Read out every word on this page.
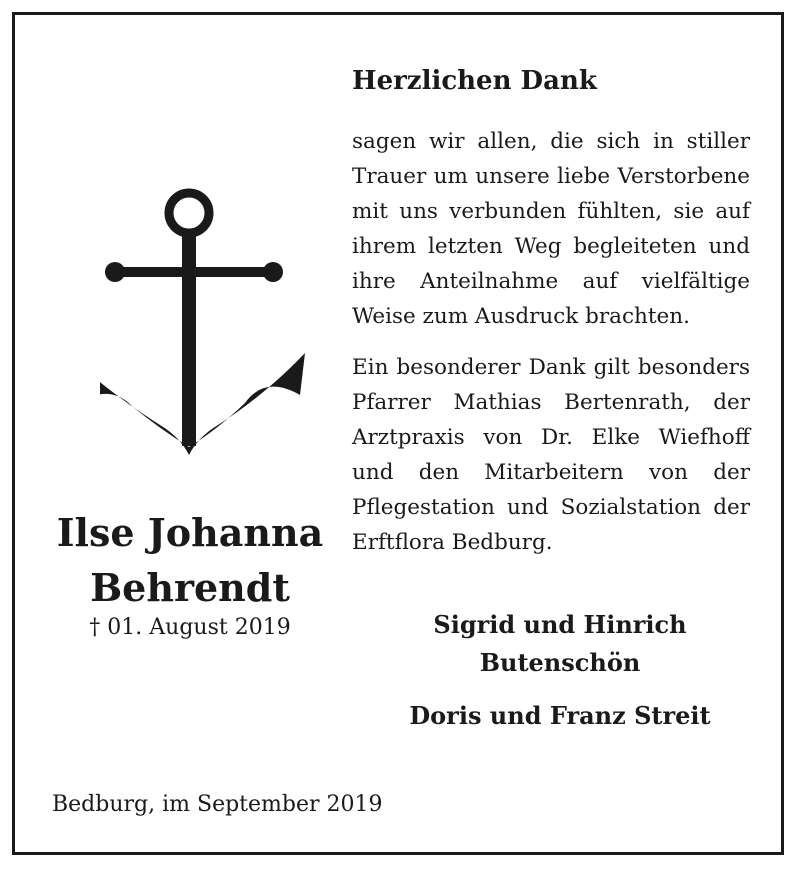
Ilse Johanna

Behrendt

† 01. August 2019

Herzlichen Dank

sagen wir allen, die sich in stiller Trauer um unsere liebe Verstorbene mit uns verbunden fühlten, sie auf ihrem letzten Weg begleiteten und ihre Anteilnahme auf vielfältige Weise zum Ausdruck brachten.

Ein besonderer Dank gilt besonders Pfarrer Mathias Bertenrath, der Arztpraxis von Dr. Elke Wiefhoff und den Mitarbeitern von der Pflegestation und Sozialstation der Erftflora Bedburg.

Sigrid und Hinrich

Butenschön

Doris und Franz Streit

Bedburg, im September 2019
